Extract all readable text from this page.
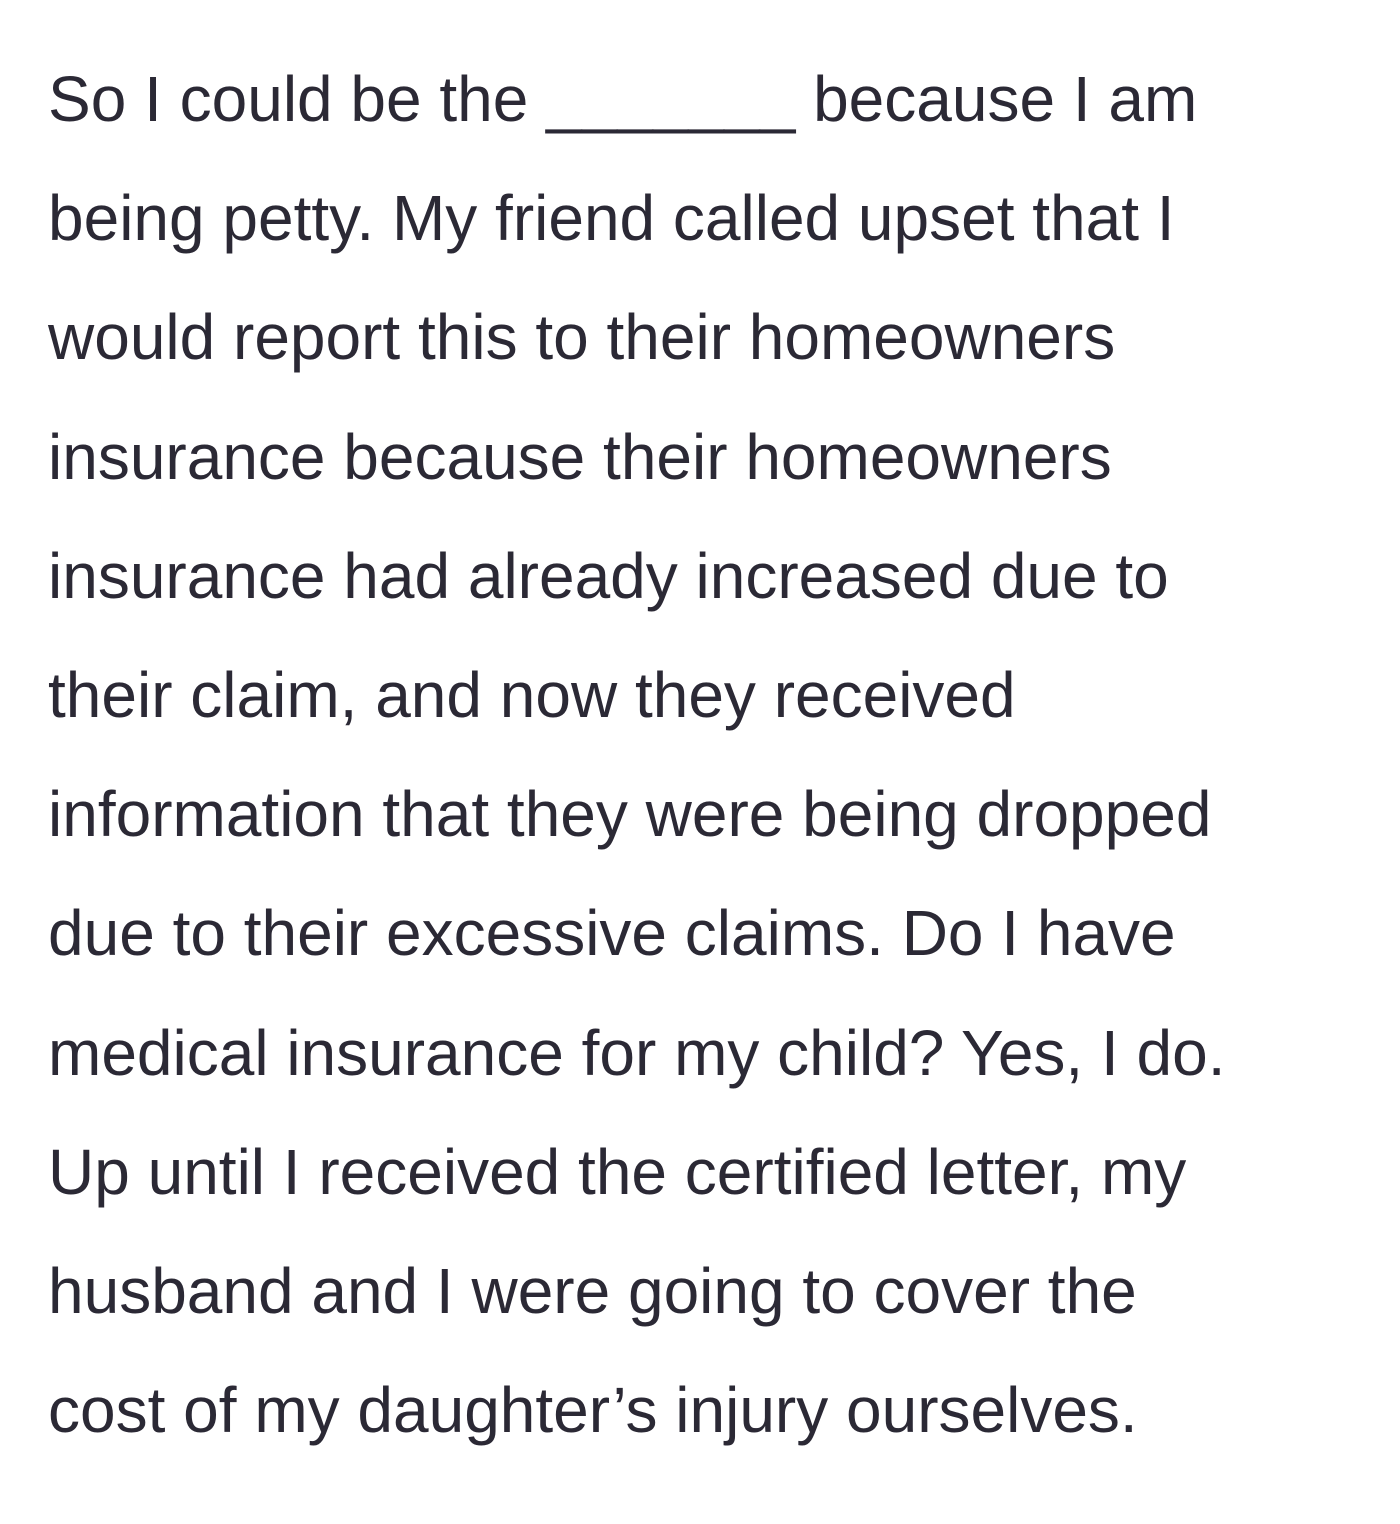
So I could be the _______ because I am
being petty. My friend called upset that I
would report this to their homeowners
insurance because their homeowners
insurance had already increased due to
their claim, and now they received
information that they were being dropped
due to their excessive claims. Do I have
medical insurance for my child? Yes, I do.
Up until I received the certified letter, my
husband and I were going to cover the
cost of my daughter’s injury ourselves.
